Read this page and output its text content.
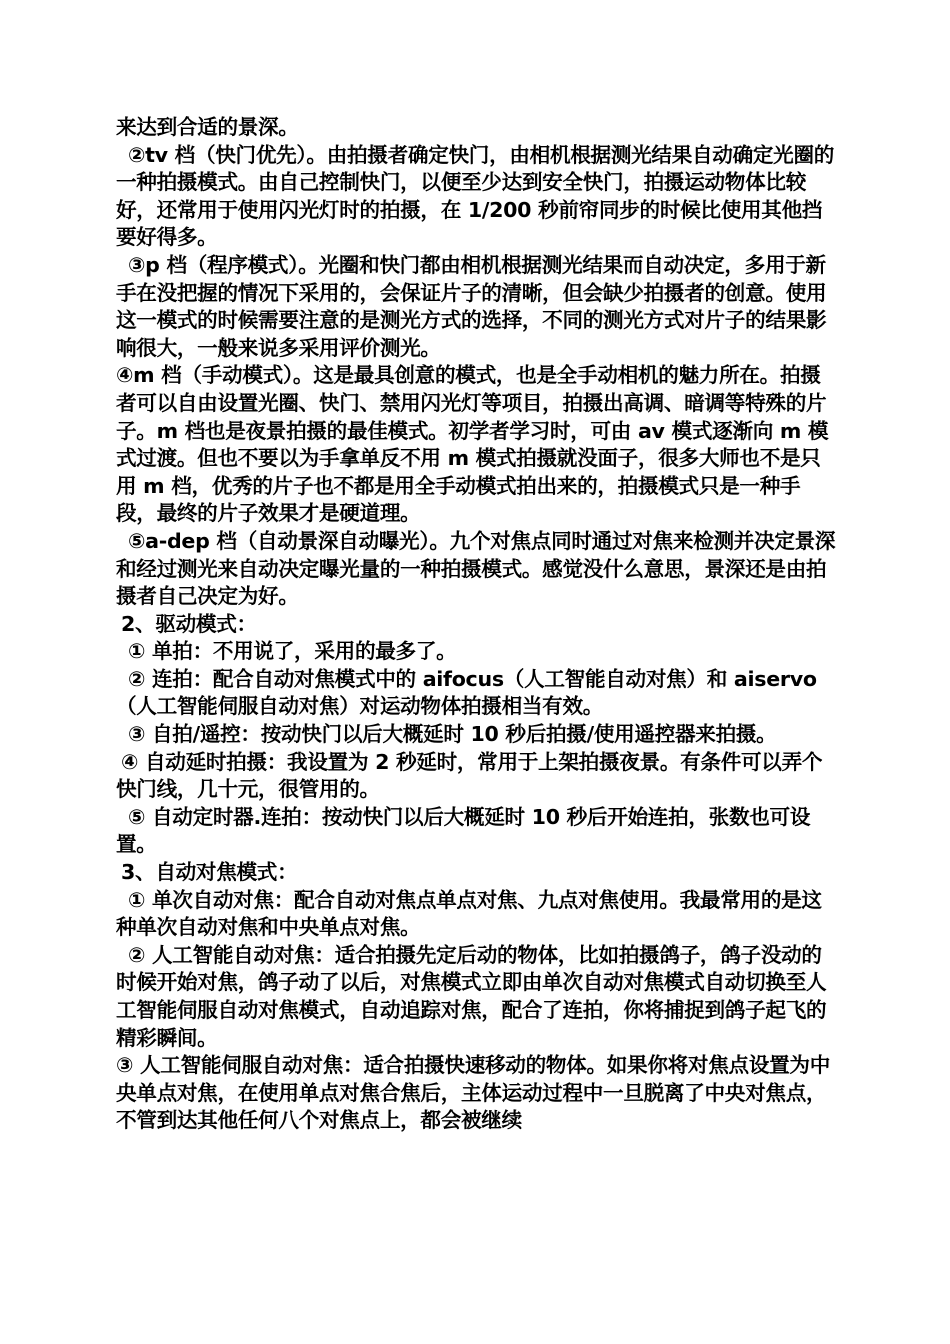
来达到合适的景深。

②tv 档（快门优先）。由拍摄者确定快门，由相机根据测光结果自动确定光圈的一种拍摄模式。由自己控制快门，以便至少达到安全快门，拍摄运动物体比较好，还常用于使用闪光灯时的拍摄，在 1/200 秒前帘同步的时候比使用其他挡要好得多。

③p 档（程序模式）。光圈和快门都由相机根据测光结果而自动决定，多用于新手在没把握的情况下采用的，会保证片子的清晰，但会缺少拍摄者的创意。使用这一模式的时候需要注意的是测光方式的选择，不同的测光方式对片子的结果影响很大，一般来说多采用评价测光。

④m 档（手动模式）。这是最具创意的模式，也是全手动相机的魅力所在。拍摄者可以自由设置光圈、快门、禁用闪光灯等项目，拍摄出高调、暗调等特殊的片子。m 档也是夜景拍摄的最佳模式。初学者学习时，可由 av 模式逐渐向 m 模式过渡。但也不要以为手拿单反不用 m 模式拍摄就没面子，很多大师也不是只用 m 档，优秀的片子也不都是用全手动模式拍出来的，拍摄模式只是一种手段，最终的片子效果才是硬道理。

⑤a-dep 档（自动景深自动曝光）。九个对焦点同时通过对焦来检测并决定景深和经过测光来自动决定曝光量的一种拍摄模式。感觉没什么意思，景深还是由拍摄者自己决定为好。

2、驱动模式：

① 单拍：不用说了，采用的最多了。

② 连拍：配合自动对焦模式中的 aifocus（人工智能自动对焦）和 aiservo（人工智能伺服自动对焦）对运动物体拍摄相当有效。

③ 自拍/遥控：按动快门以后大概延时 10 秒后拍摄/使用遥控器来拍摄。

④ 自动延时拍摄：我设置为 2 秒延时，常用于上架拍摄夜景。有条件可以弄个快门线，几十元，很管用的。

⑤ 自动定时器.连拍：按动快门以后大概延时 10 秒后开始连拍，张数也可设置。

3、自动对焦模式：

① 单次自动对焦：配合自动对焦点单点对焦、九点对焦使用。我最常用的是这种单次自动对焦和中央单点对焦。

② 人工智能自动对焦：适合拍摄先定后动的物体，比如拍摄鸽子，鸽子没动的时候开始对焦，鸽子动了以后，对焦模式立即由单次自动对焦模式自动切换至人工智能伺服自动对焦模式，自动追踪对焦，配合了连拍，你将捕捉到鸽子起飞的精彩瞬间。

③ 人工智能伺服自动对焦：适合拍摄快速移动的物体。如果你将对焦点设置为中央单点对焦，在使用单点对焦合焦后，主体运动过程中一旦脱离了中央对焦点，不管到达其他任何八个对焦点上，都会被继续
